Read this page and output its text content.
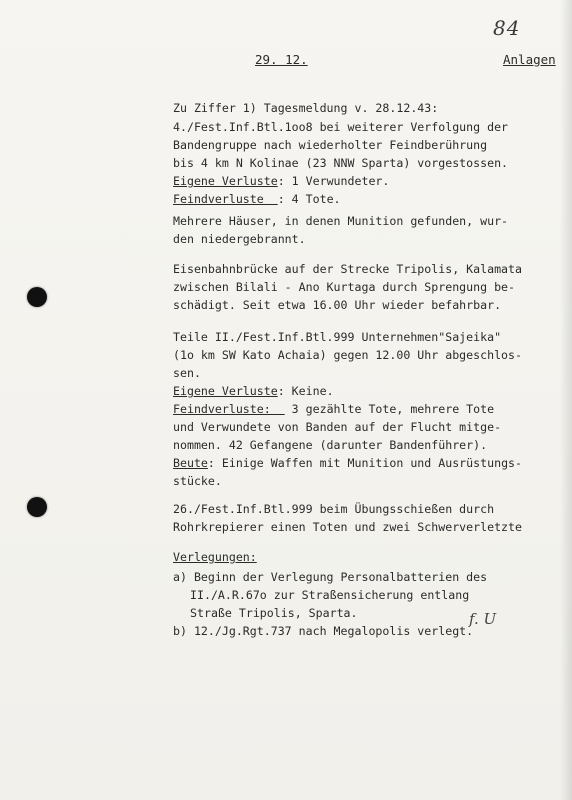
84
29. 12.	Anlagen
Zu Ziffer 1) Tagesmeldung v. 28.12.43:
4./Fest.Inf.Btl.1oo8 bei weiterer Verfolgung der
Bandengruppe nach wiederholter Feindberührung
bis 4 km N Kolinae (23 NNW Sparta) vorgestossen.
Eigene Verluste: 1 Verwundeter.
Feindverluste  : 4 Tote.
Mehrere Häuser, in denen Munition gefunden, wur-
den niedergebrannt.
Eisenbahnbrücke auf der Strecke Tripolis, Kalamata
zwischen Bilali - Ano Kurtaga durch Sprengung be-
schädigt. Seit etwa 16.00 Uhr wieder befahrbar.
Teile II./Fest.Inf.Btl.999 Unternehmen"Sajeika"
(1o km SW Kato Achaia) gegen 12.00 Uhr abgeschlos-
sen.
Eigene Verluste: Keine.
Feindverluste:   3 gezählte Tote, mehrere Tote
und Verwundete von Banden auf der Flucht mitge-
nommen. 42 Gefangene (darunter Bandenführer).
Beute: Einige Waffen mit Munition und Ausrüstungs-
stücke.
26./Fest.Inf.Btl.999 beim Übungsschießen durch
Rohrkrepierer einen Toten und zwei Schwerverletzte
Verlegungen:
a) Beginn der Verlegung Personalbatterien des
II./A.R.67o zur Straßensicherung entlang
Straße Tripolis, Sparta.
b) 12./Jg.Rgt.737 nach Megalopolis verlegt.
f. U
